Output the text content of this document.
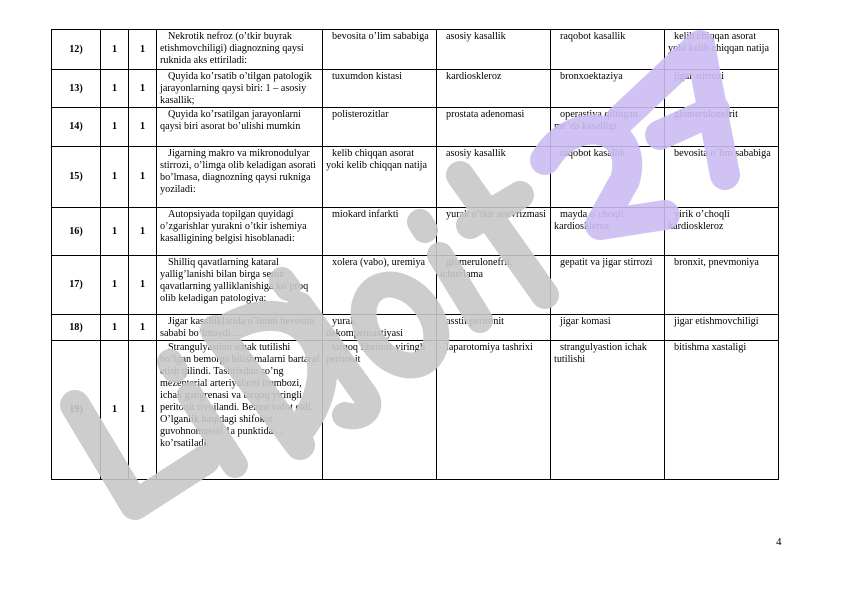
12)	1	1	Nekrotik nefroz (o’tkir buyrak etishmovchiligi) diagnozning qaysi ruknida aks ettiriladi:	bevosita o’lim sababiga	asosiy kasallik	raqobot kasallik	kelib chiqqan asorat yoki kelib chiqqan natija
13)	1	1	Quyida ko’rsatib o’tilgan patologik jarayonlarning qaysi biri: 1 – asosiy kasallik;	tuxumdon kistasi	kardioskleroz	bronxoektaziya	jigar stirrozi
14)	1	1	Quyida ko’rsatilgan jarayonlarni qaysi biri asorat bo’ulishi mumkin	polisterozitlar	prostata adenomasi	operastiya qilingan me’da kasalligi	glomerulonefrit
15)	1	1	Jigarning makro va mikronodulyar stirrozi, o’limga olib keladigan asorati bo’lmasa, diagnozning qaysi rukniga yoziladi:	kelib chiqqan asorat yoki kelib chiqqan natija	asosiy kasallik	raqobot kasallik	bevosita o’lim sababiga
16)	1	1	Autopsiyada topilgan quyidagi o’zgarishlar yurakni o’tkir ishemiya kasalligining belgisi hisoblanadi:	miokard infarkti	yurak o’tkir anevrizmasi	mayda o’choqli kardioskleroz	yirik o’choqli kardioskleroz
17)	1	1	Shilliq qavatlarning kataral yallig’lanishi bilan birga seroz qavatlarning yalliklanishiga ko’proq olib keladigan patologiya:	xolera (vabo), uremiya	glomerulonefrit, ichterlama	gepatit va jigar stirrozi	bronxit, pnevmoniya
18)	1	1	Jigar kasalliklarida o’limni bevosita sababi bo’lmaydi…	yurak dekompensastiyasi	asstit peritonit	jigar komasi	jigar etishmovchiligi
19)	1	1	Strangulyastion ichak tutilishi bo’lgan bemorga bitishmalarni bartaraf etish qilindi. Tashrixdan so’ng mezenterial arteriyalarni trombozi, ichak gangrenasi va tarqoq yiringli peritonit rivojlandi. Bemor vafot etdi. O’lganlik haqidagi shifokor guvohnomasini 1a punktida … ko’rsatiladi.	tarqoq fibrinoz yiringli peritonit	laparotomiya tashrixi	strangulyastion ichak tutilishi	bitishma xastaligi
4
